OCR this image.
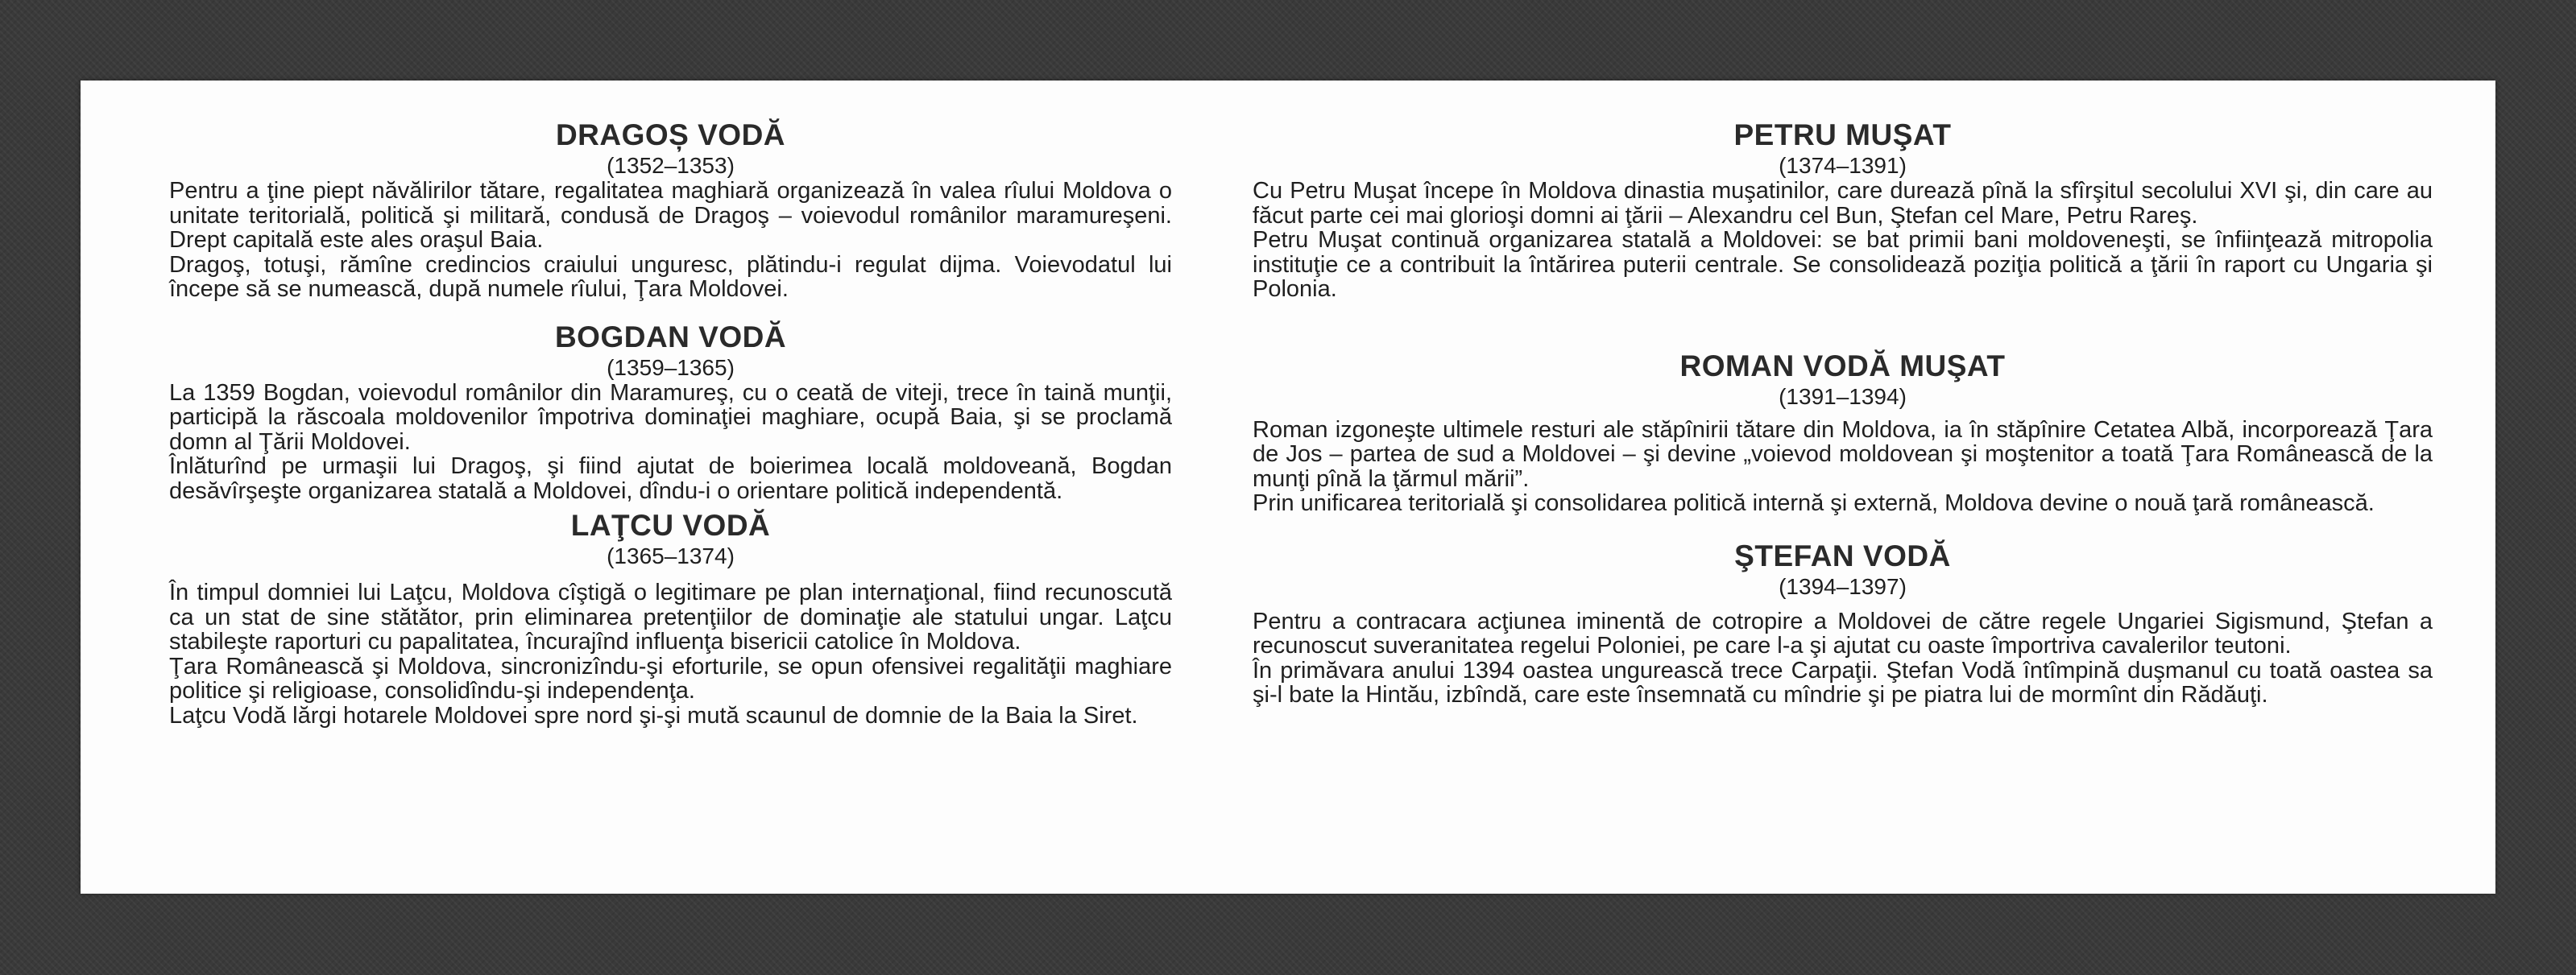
DRAGOȘ VODĂ
(1352–1353)

Pentru a ţine piept năvălirilor tătare, regalitatea maghiară organizează în valea rîului Moldova o unitate teritorială, politică şi militară, condusă de Dragoş – voievodul românilor maramureşeni. Drept capitală este ales oraşul Baia.

Dragoş, totuşi, rămîne credincios craiului unguresc, plătindu-i regulat dijma. Voievodatul lui începe să se numească, după numele rîului, Ţara Moldovei.

BOGDAN VODĂ
(1359–1365)

La 1359 Bogdan, voievodul românilor din Maramureş, cu o ceată de viteji, trece în taină munţii, participă la răscoala moldovenilor împotriva dominaţiei maghiare, ocupă Baia, şi se proclamă domn al Ţării Moldovei.

Înlăturînd pe urmaşii lui Dragoş, şi fiind ajutat de boierimea locală moldoveană, Bogdan desăvîrşeşte organizarea statală a Moldovei, dîndu-i o orientare politică independentă.

LAŢCU VODĂ
(1365–1374)

În timpul domniei lui Laţcu, Moldova cîştigă o legitimare pe plan internaţional, fiind recunoscută ca un stat de sine stătător, prin eliminarea pretenţiilor de dominaţie ale statului ungar. Laţcu stabileşte raporturi cu papalitatea, încurajînd influenţa bisericii catolice în Moldova.

Ţara Românească şi Moldova, sincronizîndu-şi eforturile, se opun ofensivei regalităţii maghiare politice şi religioase, consolidîndu-şi independenţa.

Laţcu Vodă lărgi hotarele Moldovei spre nord şi-şi mută scaunul de domnie de la Baia la Siret.

PETRU MUŞAT
(1374–1391)

Cu Petru Muşat începe în Moldova dinastia muşatinilor, care durează pînă la sfîrşitul secolului XVI şi, din care au făcut parte cei mai glorioşi domni ai ţării – Alexandru cel Bun, Ştefan cel Mare, Petru Rareş.

Petru Muşat continuă organizarea statală a Moldovei: se bat primii bani moldoveneşti, se înfiinţează mitropolia instituţie ce a contribuit la întărirea puterii centrale. Se consolidează poziţia politică a ţării în raport cu Ungaria şi Polonia.

ROMAN VODĂ MUŞAT
(1391–1394)

Roman izgoneşte ultimele resturi ale stăpînirii tătare din Moldova, ia în stăpînire Cetatea Albă, incorporează Ţara de Jos – partea de sud a Moldovei – şi devine „voievod moldovean şi moştenitor a toată Ţara Românească de la munţi pînă la ţărmul mării”.

Prin unificarea teritorială şi consolidarea politică internă şi externă, Moldova devine o nouă ţară românească.

ŞTEFAN VODĂ
(1394–1397)

Pentru a contracara acţiunea iminentă de cotropire a Moldovei de către regele Ungariei Sigismund, Ştefan a recunoscut suveranitatea regelui Poloniei, pe care l-a şi ajutat cu oaste împortriva cavalerilor teutoni.

În primăvara anului 1394 oastea ungurească trece Carpaţii. Ştefan Vodă întîmpină duşmanul cu toată oastea sa şi-l bate la Hintău, izbîndă, care este însemnată cu mîndrie şi pe piatra lui de mormînt din Rădăuţi.
